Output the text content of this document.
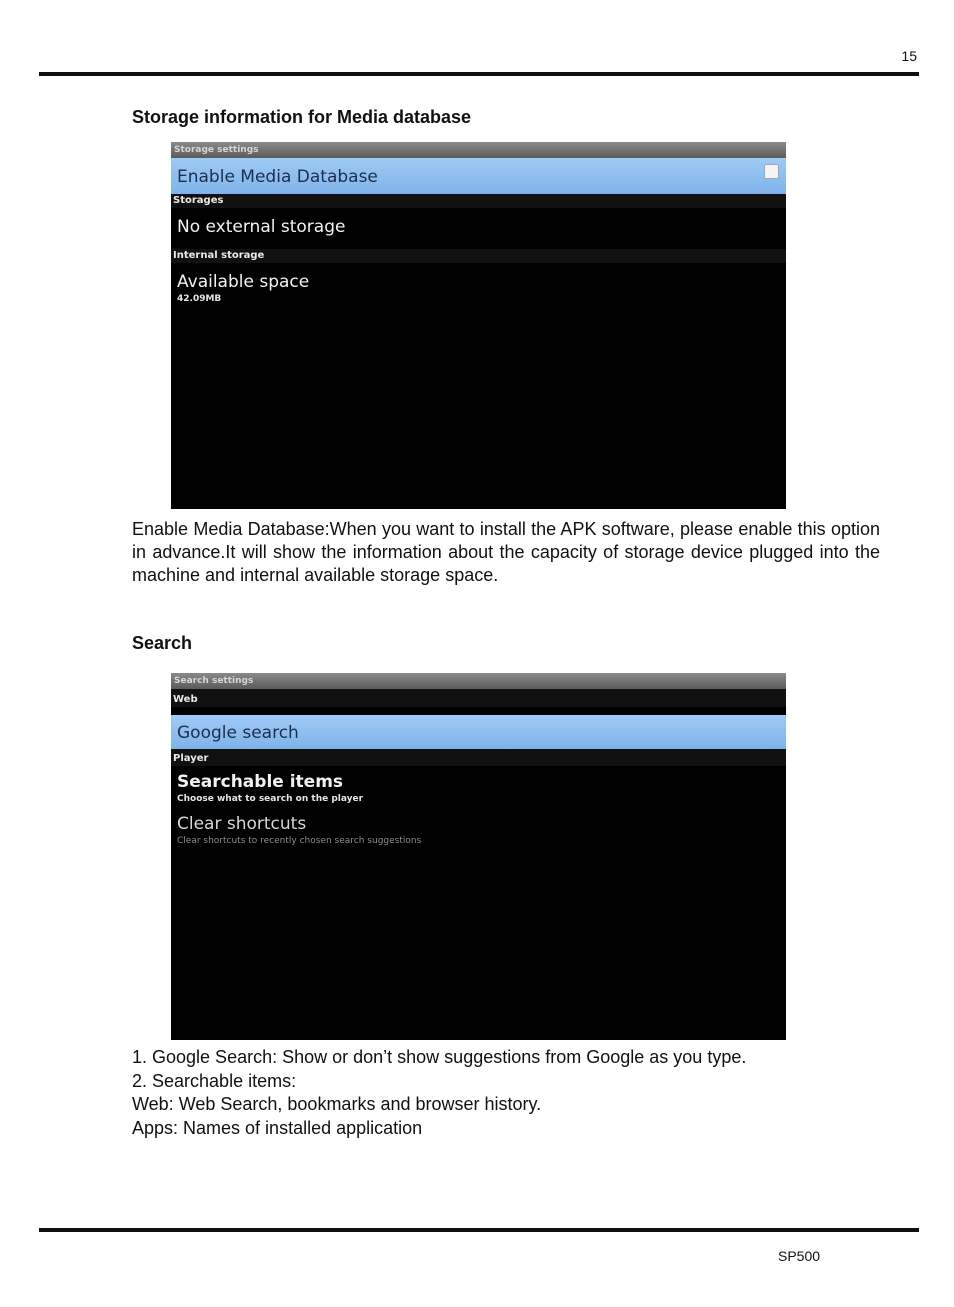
15
Storage information for Media database
Storage settings
Enable Media Database
Storages
No external storage
Internal storage
Available space
42.09MB

Enable Media Database:When you want to install the APK software, please enable this option in advance.It will show the information about the capacity of storage device plugged into the machine and internal available storage space.

Search
Search settings
Web
Google search
Player
Searchable items
Choose what to search on the player
Clear shortcuts
Clear shortcuts to recently chosen search suggestions
1. Google Search: Show or don’t show suggestions from Google as you type.
2. Searchable items:
Web: Web Search, bookmarks and browser history.
Apps: Names of installed application
SP500
